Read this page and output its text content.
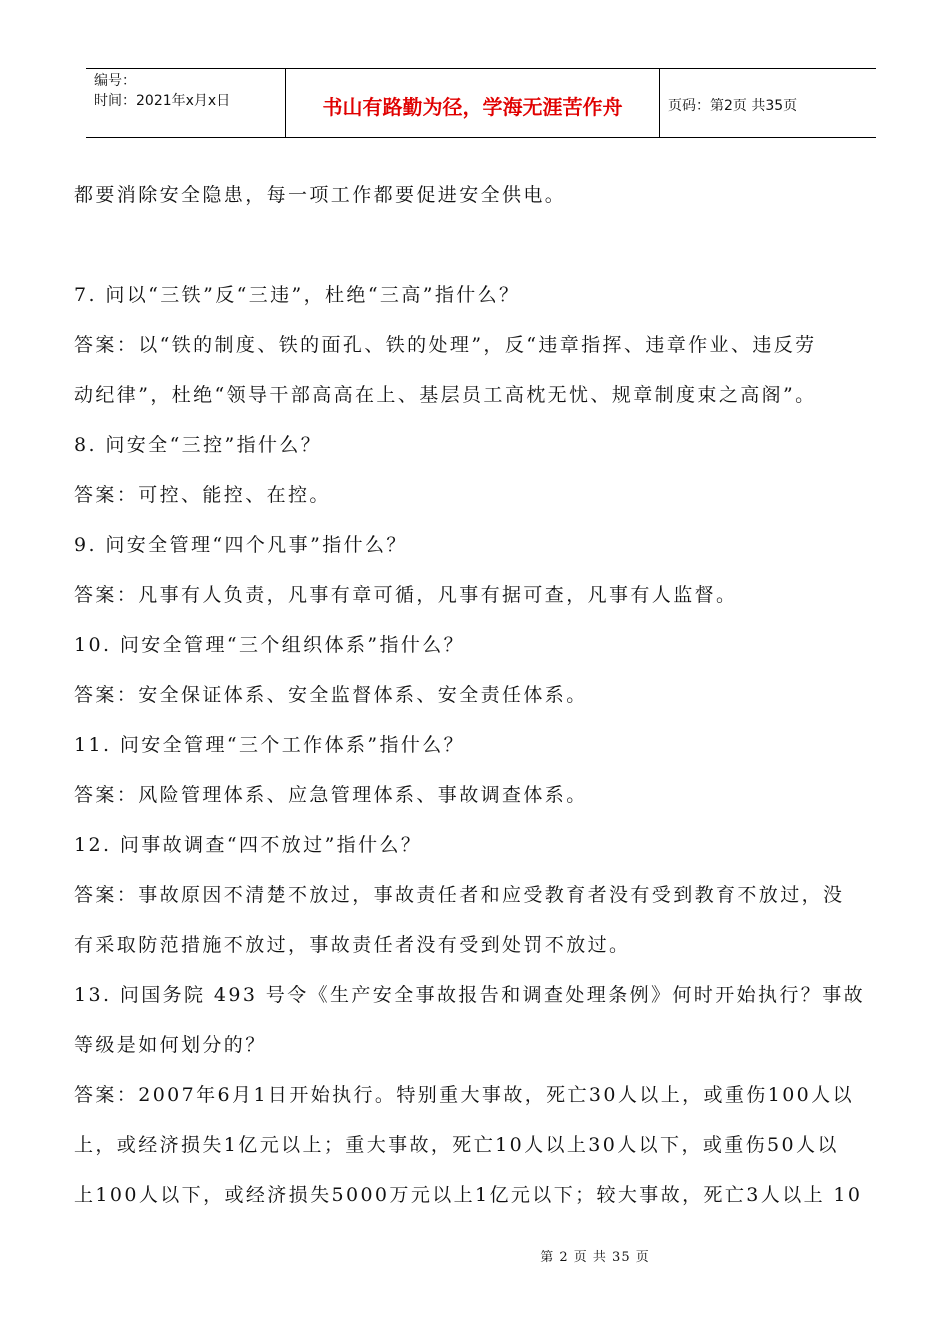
编号：
时间：2021年x月x日	书山有路勤为径，学海无涯苦作舟	页码：第2页 共35页
都要消除安全隐患，每一项工作都要促进安全供电。
7. 问以“三铁”反“三违”，杜绝“三高”指什么？
答案：以“铁的制度、铁的面孔、铁的处理”，反“违章指挥、违章作业、违反劳
动纪律”，杜绝“领导干部高高在上、基层员工高枕无忧、规章制度束之高阁”。
8. 问安全“三控”指什么？
答案：可控、能控、在控。
9. 问安全管理“四个凡事”指什么？
答案：凡事有人负责，凡事有章可循，凡事有据可查，凡事有人监督。
10. 问安全管理“三个组织体系”指什么？
答案：安全保证体系、安全监督体系、安全责任体系。
11. 问安全管理“三个工作体系”指什么？
答案：风险管理体系、应急管理体系、事故调查体系。
12. 问事故调查“四不放过”指什么？
答案：事故原因不清楚不放过，事故责任者和应受教育者没有受到教育不放过，没
有采取防范措施不放过，事故责任者没有受到处罚不放过。
13. 问国务院 493 号令《生产安全事故报告和调查处理条例》何时开始执行？事故
等级是如何划分的？
答案：2007年6月1日开始执行。特别重大事故，死亡30人以上，或重伤100人以
上，或经济损失1亿元以上；重大事故，死亡10人以上30人以下，或重伤50人以
上100人以下，或经济损失5000万元以上1亿元以下；较大事故，死亡3人以上 10
第 2 页 共 35 页
